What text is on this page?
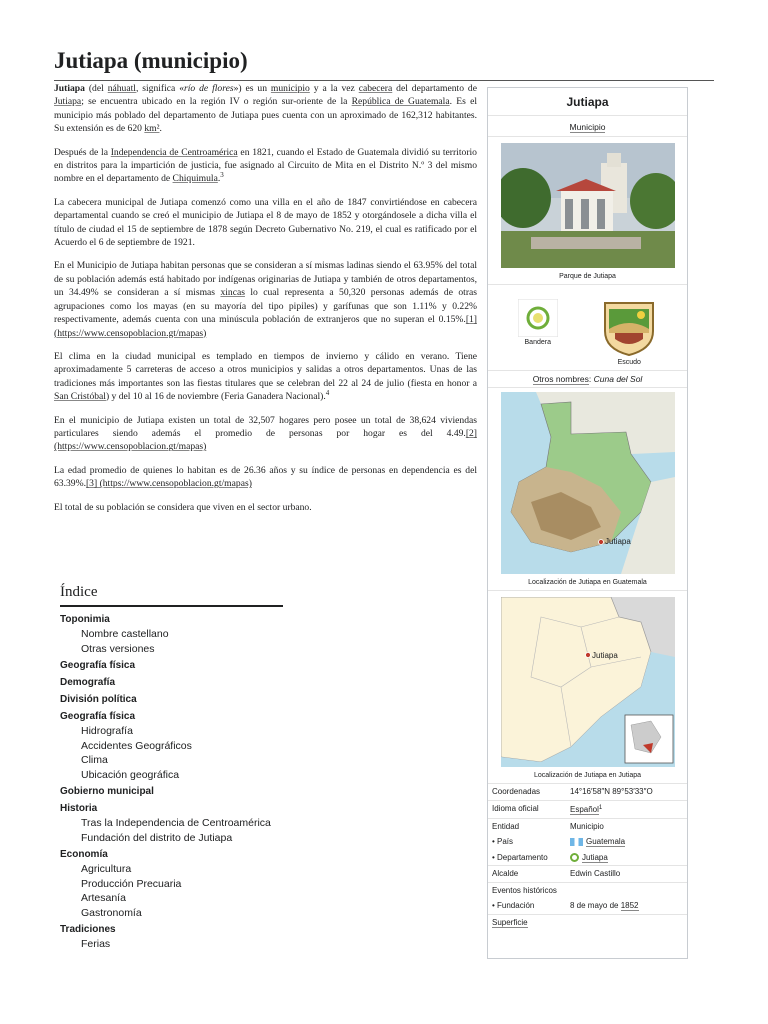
Jutiapa (municipio)

Jutiapa (del náhuatl, significa «río de flores») es un municipio y a la vez cabecera del departamento de Jutiapa; se encuentra ubicado en la región IV o región sur-oriente de la República de Guatemala. Es el municipio más poblado del departamento de Jutiapa pues cuenta con un aproximado de 162,312 habitantes. Su extensión es de 620 km².

Después de la Independencia de Centroamérica en 1821, cuando el Estado de Guatemala dividió su territorio en distritos para la impartición de justicia, fue asignado al Circuito de Mita en el Distrito N.º 3 del mismo nombre en el departamento de Chiquimula.$^3$

La cabecera municipal de Jutiapa comenzó como una villa en el año de 1847 convirtiéndose en cabecera departamental cuando se creó el municipio de Jutiapa el 8 de mayo de 1852 y otorgándosele a dicha villa el título de ciudad el 15 de septiembre de 1878 según Decreto Gubernativo No. 219, el cual es ratificado por el Acuerdo el 6 de septiembre de 1921.

En el Municipio de Jutiapa habitan personas que se consideran a sí mismas ladinas siendo el 63.95% del total de su población además está habitado por indígenas originarias de Jutiapa y también de otros departamentos, un 34.49% se consideran a sí mismas xincas lo cual representa a 50,320 personas además de otras agrupaciones como los mayas (en su mayoría del tipo pipiles) y garífunas que son 1.11% y 0.22% respectivamente, además cuenta con una minúscula población de extranjeros que no superan el 0.15%.[1] (https://www.censopoblacion.gt/mapas)

El clima en la ciudad municipal es templado en tiempos de invierno y cálido en verano. Tiene aproximadamente 5 carreteras de acceso a otros municipios y salidas a otros departamentos. Unas de las tradiciones más importantes son las fiestas titulares que se celebran del 22 al 24 de julio (fiesta en honor a San Cristóbal) y del 10 al 16 de noviembre (Feria Ganadera Nacional).$^4$

En el municipio de Jutiapa existen un total de 32,507 hogares pero posee un total de 38,624 viviendas particulares siendo además el promedio de personas por hogar es del 4.49.[2] (https://www.censopoblacion.gt/mapas)

La edad promedio de quienes lo habitan es de 26.36 años y su índice de personas en dependencia es del 63.39%.[3] (https://www.censopoblacion.gt/mapas)

El total de su población se considera que viven en el sector urbano.

Índice
Toponimia
Nombre castellano
Otras versiones
Geografía física
Demografía
División política
Geografía física
Hidrografía
Accidentes Geográficos
Clima
Ubicación geográfica
Gobierno municipal
Historia
Tras la Independencia de Centroamérica
Fundación del distrito de Jutiapa
Economía
Agricultura
Producción Precuaria
Artesanía
Gastronomía
Tradiciones
Ferias
Jutiapa
Municipio
Parque de Jutiapa
Bandera
Escudo
Otros nombres: Cuna del Sol
Jutiapa
Localización de Jutiapa en Guatemala
Jutiapa
Localización de Jutiapa en Jutiapa
Coordenadas	14°16′58″N 89°53′33″O
Idioma oficial	Español$^1$
Entidad	Municipio
• País	Guatemala
• Departamento	Jutiapa
Alcalde	Edwin Castillo
Eventos históricos
• Fundación	8 de mayo de 1852
Superficie
